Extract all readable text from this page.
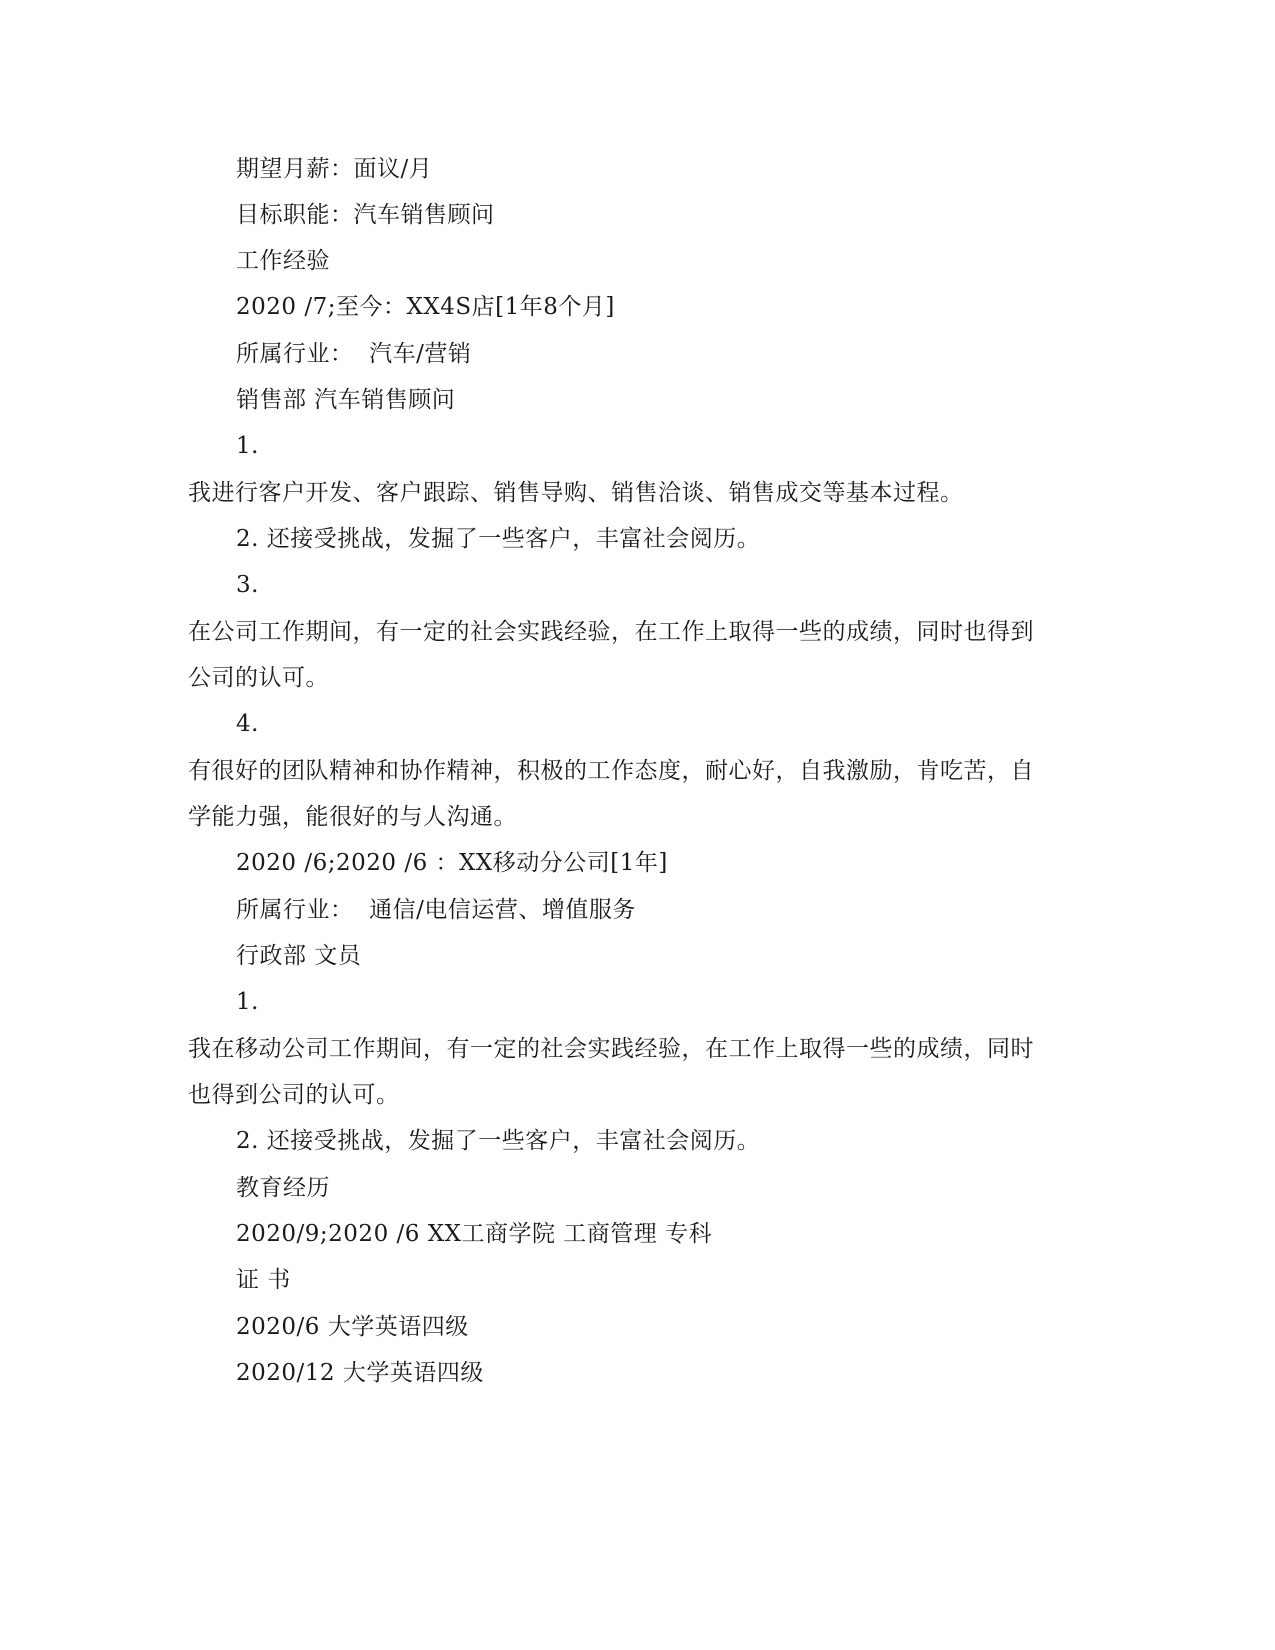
期望月薪：面议/月
目标职能：汽车销售顾问
工作经验
2020 /7;至今：XX4S店[1年8个月]
所属行业：  汽车/营销
销售部 汽车销售顾问
1.
我进行客户开发、客户跟踪、销售导购、销售洽谈、销售成交等基本过程。
2. 还接受挑战，发掘了一些客户，丰富社会阅历。
3.
在公司工作期间，有一定的社会实践经验，在工作上取得一些的成绩，同时也得到
公司的认可。
4.
有很好的团队精神和协作精神，积极的工作态度，耐心好，自我激励，肯吃苦，自
学能力强，能很好的与人沟通。
2020 /6;2020 /6 ：XX移动分公司[1年]
所属行业：  通信/电信运营、增值服务
行政部 文员
1.
我在移动公司工作期间，有一定的社会实践经验，在工作上取得一些的成绩，同时
也得到公司的认可。
2. 还接受挑战，发掘了一些客户，丰富社会阅历。
教育经历
2020/9;2020 /6 XX工商学院 工商管理 专科
证 书
2020/6 大学英语四级
2020/12 大学英语四级
